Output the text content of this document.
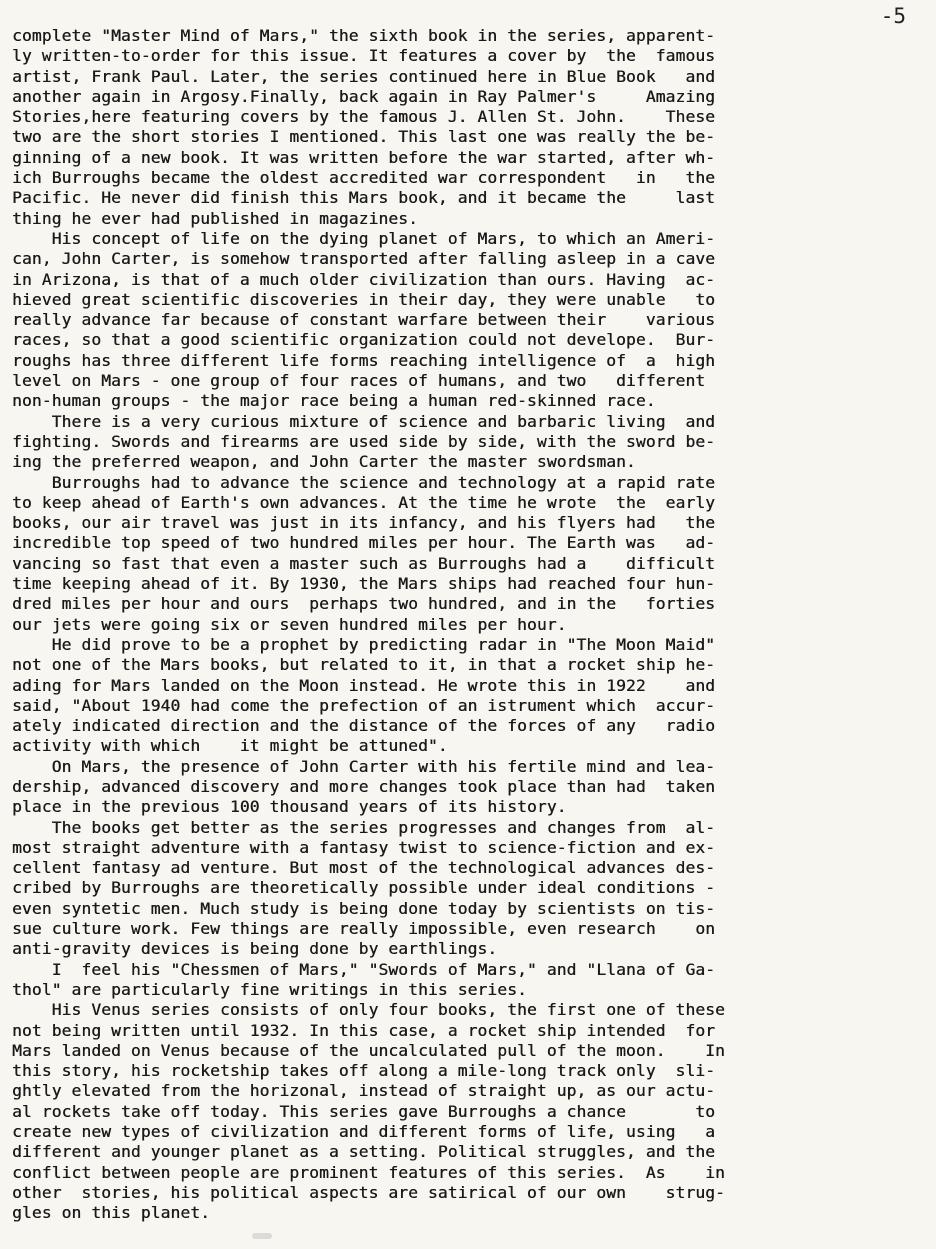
-5
complete "Master Mind of Mars," the sixth book in the series, apparent-
ly written-to-order for this issue. It features a cover by  the  famous
artist, Frank Paul. Later, the series continued here in Blue Book   and
another again in Argosy.Finally, back again in Ray Palmer's     Amazing
Stories,here featuring covers by the famous J. Allen St. John.    These
two are the short stories I mentioned. This last one was really the be-
ginning of a new book. It was written before the war started, after wh-
ich Burroughs became the oldest accredited war correspondent   in   the
Pacific. He never did finish this Mars book, and it became the     last
thing he ever had published in magazines.
His concept of life on the dying planet of Mars, to which an Ameri-
can, John Carter, is somehow transported after falling asleep in a cave
in Arizona, is that of a much older civilization than ours. Having  ac-
hieved great scientific discoveries in their day, they were unable   to
really advance far because of constant warfare between their    various
races, so that a good scientific organization could not develope.  Bur-
roughs has three different life forms reaching intelligence of  a  high
level on Mars - one group of four races of humans, and two   different
non-human groups - the major race being a human red-skinned race.
There is a very curious mixture of science and barbaric living  and
fighting. Swords and firearms are used side by side, with the sword be-
ing the preferred weapon, and John Carter the master swordsman.
Burroughs had to advance the science and technology at a rapid rate
to keep ahead of Earth's own advances. At the time he wrote  the  early
books, our air travel was just in its infancy, and his flyers had   the
incredible top speed of two hundred miles per hour. The Earth was   ad-
vancing so fast that even a master such as Burroughs had a    difficult
time keeping ahead of it. By 1930, the Mars ships had reached four hun-
dred miles per hour and ours  perhaps two hundred, and in the   forties
our jets were going six or seven hundred miles per hour.
He did prove to be a prophet by predicting radar in "The Moon Maid"
not one of the Mars books, but related to it, in that a rocket ship he-
ading for Mars landed on the Moon instead. He wrote this in 1922    and
said, "About 1940 had come the prefection of an istrument which  accur-
ately indicated direction and the distance of the forces of any   radio
activity with which    it might be attuned".
On Mars, the presence of John Carter with his fertile mind and lea-
dership, advanced discovery and more changes took place than had  taken
place in the previous 100 thousand years of its history.
The books get better as the series progresses and changes from  al-
most straight adventure with a fantasy twist to science-fiction and ex-
cellent fantasy ad venture. But most of the technological advances des-
cribed by Burroughs are theoretically possible under ideal conditions -
even syntetic men. Much study is being done today by scientists on tis-
sue culture work. Few things are really impossible, even research    on
anti-gravity devices is being done by earthlings.
I  feel his "Chessmen of Mars," "Swords of Mars," and "Llana of Ga-
thol" are particularly fine writings in this series.
His Venus series consists of only four books, the first one of these
not being written until 1932. In this case, a rocket ship intended  for
Mars landed on Venus because of the uncalculated pull of the moon.    In
this story, his rocketship takes off along a mile-long track only  sli-
ghtly elevated from the horizonal, instead of straight up, as our actu-
al rockets take off today. This series gave Burroughs a chance       to
create new types of civilization and different forms of life, using   a
different and younger planet as a setting. Political struggles, and the
conflict between people are prominent features of this series.  As    in
other  stories, his political aspects are satirical of our own    strug-
gles on this planet.
